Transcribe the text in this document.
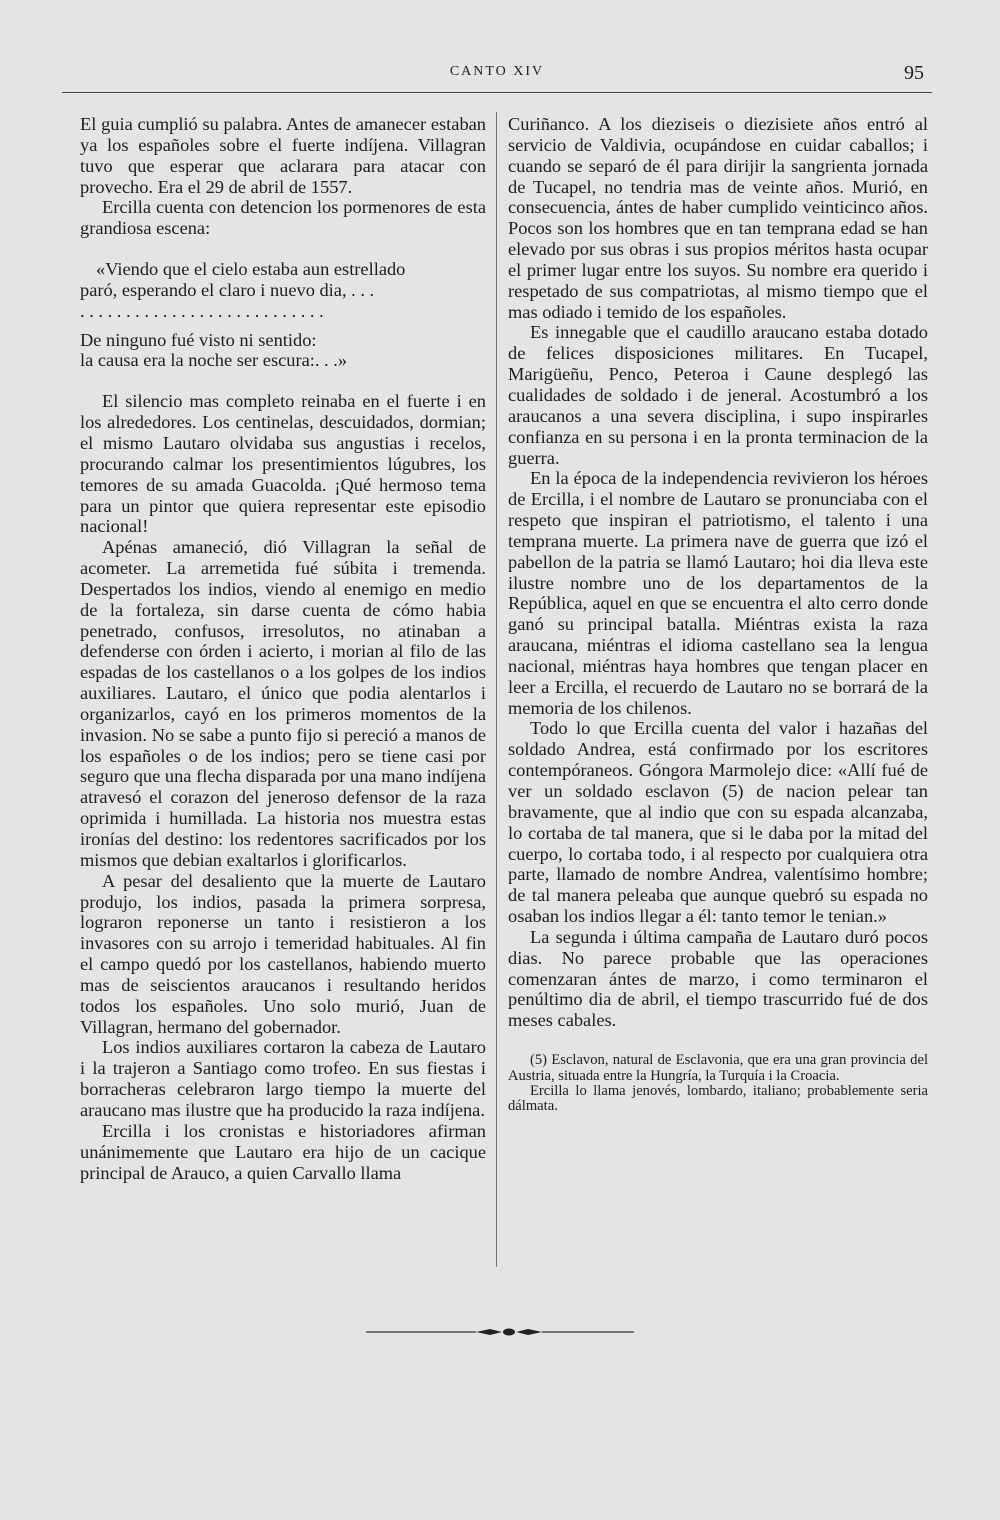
CANTO XIV	95

El guia cumplió su palabra. Antes de amanecer estaban ya los españoles sobre el fuerte indíjena. Villagran tuvo que esperar que aclarara para atacar con provecho. Era el 29 de abril de 1557.

Ercilla cuenta con detencion los pormenores de esta grandiosa escena:

«Viendo que el cielo estaba aun estrellado
paró, esperando el claro i nuevo dia, . . .
. . . . . . . . . . . . . . . . . . . . . . . . . . .
De ninguno fué visto ni sentido:
la causa era la noche ser escura:. . .»

El silencio mas completo reinaba en el fuerte i en los alrededores. Los centinelas, descuidados, dormian; el mismo Lautaro olvidaba sus angustias i recelos, procurando calmar los presentimientos lúgubres, los temores de su amada Guacolda. ¡Qué hermoso tema para un pintor que quiera representar este episodio nacional!

Apénas amaneció, dió Villagran la señal de acometer. La arremetida fué súbita i tremenda. Despertados los indios, viendo al enemigo en medio de la fortaleza, sin darse cuenta de cómo habia penetrado, confusos, irresolutos, no atinaban a defenderse con órden i acierto, i morian al filo de las espadas de los castellanos o a los golpes de los indios auxiliares. Lautaro, el único que podia alentarlos i organizarlos, cayó en los primeros momentos de la invasion. No se sabe a punto fijo si pereció a manos de los españoles o de los indios; pero se tiene casi por seguro que una flecha disparada por una mano indíjena atravesó el corazon del jeneroso defensor de la raza oprimida i humillada. La historia nos muestra estas ironías del destino: los redentores sacrificados por los mismos que debian exaltarlos i glorificarlos.

A pesar del desaliento que la muerte de Lautaro produjo, los indios, pasada la primera sorpresa, lograron reponerse un tanto i resistieron a los invasores con su arrojo i temeridad habituales. Al fin el campo quedó por los castellanos, habiendo muerto mas de seiscientos araucanos i resultando heridos todos los españoles. Uno solo murió, Juan de Villagran, hermano del gobernador.

Los indios auxiliares cortaron la cabeza de Lautaro i la trajeron a Santiago como trofeo. En sus fiestas i borracheras celebraron largo tiempo la muerte del araucano mas ilustre que ha producido la raza indíjena.

Ercilla i los cronistas e historiadores afirman unánimemente que Lautaro era hijo de un cacique principal de Arauco, a quien Carvallo llama

Curiñanco. A los dieziseis o diezisiete años entró al servicio de Valdivia, ocupándose en cuidar caballos; i cuando se separó de él para dirijir la sangrienta jornada de Tucapel, no tendria mas de veinte años. Murió, en consecuencia, ántes de haber cumplido veinticinco años. Pocos son los hombres que en tan temprana edad se han elevado por sus obras i sus propios méritos hasta ocupar el primer lugar entre los suyos. Su nombre era querido i respetado de sus compatriotas, al mismo tiempo que el mas odiado i temido de los españoles.

Es innegable que el caudillo araucano estaba dotado de felices disposiciones militares. En Tucapel, Marigüeñu, Penco, Peteroa i Caune desplegó las cualidades de soldado i de jeneral. Acostumbró a los araucanos a una severa disciplina, i supo inspirarles confianza en su persona i en la pronta terminacion de la guerra.

En la época de la independencia revivieron los héroes de Ercilla, i el nombre de Lautaro se pronunciaba con el respeto que inspiran el patriotismo, el talento i una temprana muerte. La primera nave de guerra que izó el pabellon de la patria se llamó Lautaro; hoi dia lleva este ilustre nombre uno de los departamentos de la República, aquel en que se encuentra el alto cerro donde ganó su principal batalla. Miéntras exista la raza araucana, miéntras el idioma castellano sea la lengua nacional, miéntras haya hombres que tengan placer en leer a Ercilla, el recuerdo de Lautaro no se borrará de la memoria de los chilenos.

Todo lo que Ercilla cuenta del valor i hazañas del soldado Andrea, está confirmado por los escritores contempóraneos. Góngora Marmolejo dice: «Allí fué de ver un soldado esclavon (5) de nacion pelear tan bravamente, que al indio que con su espada alcanzaba, lo cortaba de tal manera, que si le daba por la mitad del cuerpo, lo cortaba todo, i al respecto por cualquiera otra parte, llamado de nombre Andrea, valentísimo hombre; de tal manera peleaba que aunque quebró su espada no osaban los indios llegar a él: tanto temor le tenian.»

La segunda i última campaña de Lautaro duró pocos dias. No parece probable que las operaciones comenzaran ántes de marzo, i como terminaron el penúltimo dia de abril, el tiempo trascurrido fué de dos meses cabales.

(5) Esclavon, natural de Esclavonia, que era una gran provincia del Austria, situada entre la Hungría, la Turquía i la Croacia.

Ercilla lo llama jenovés, lombardo, italiano; probablemente seria dálmata.
